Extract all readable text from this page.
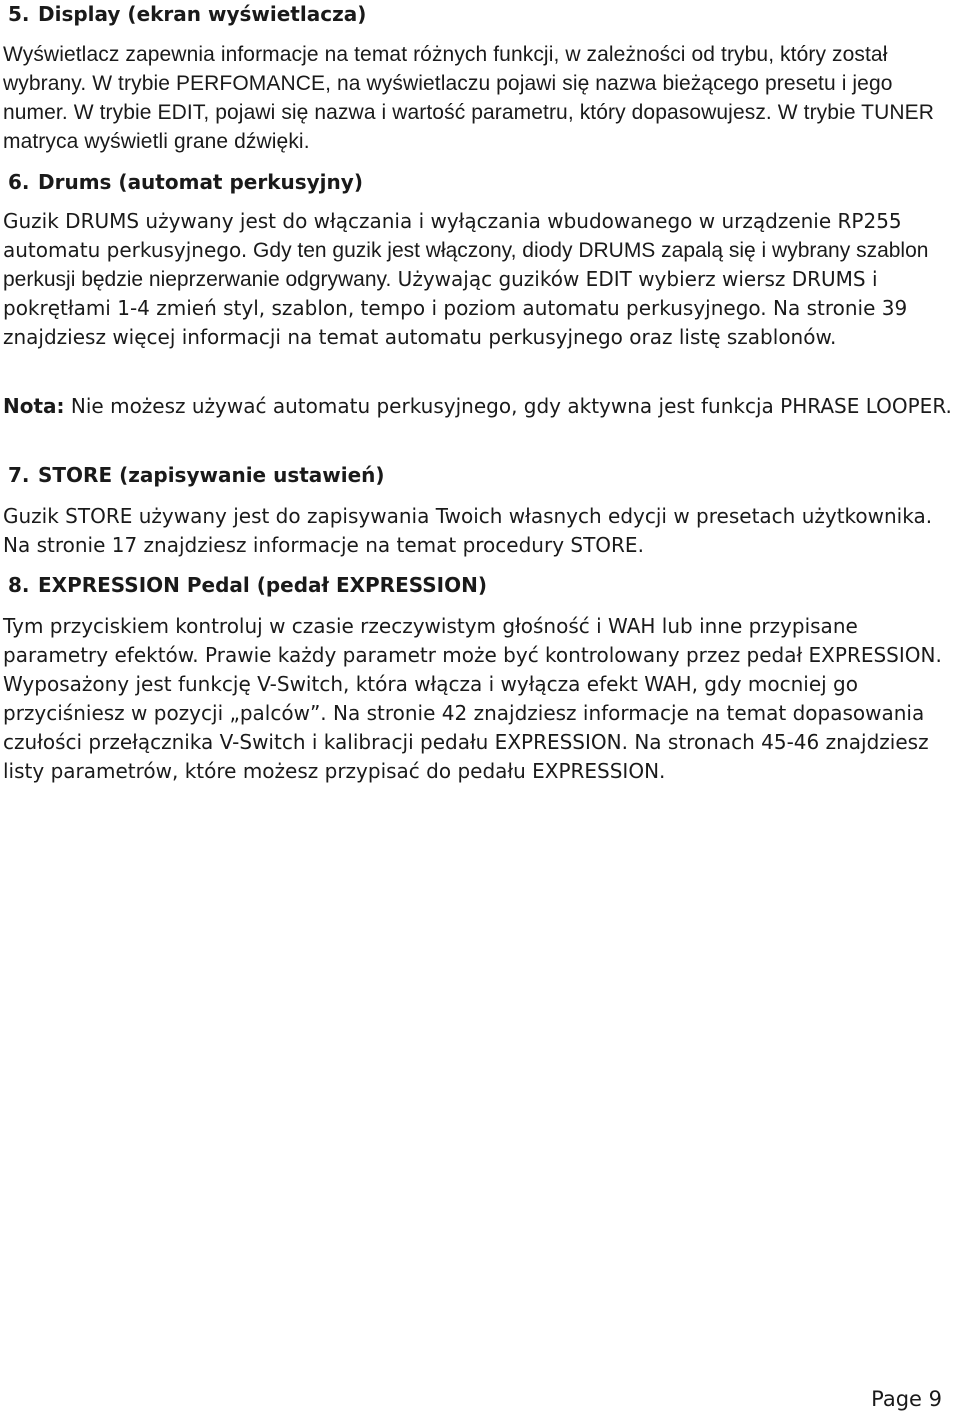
5. Display (ekran wyświetlacza)

Wyświetlacz zapewnia informacje na temat różnych funkcji, w zależności od trybu, który został wybrany. W trybie PERFOMANCE, na wyświetlaczu pojawi się nazwa bieżącego presetu i jego numer. W trybie EDIT, pojawi się nazwa i wartość parametru, który dopasowujesz. W trybie TUNER matryca wyświetli grane dźwięki.

6. Drums (automat perkusyjny)

Guzik DRUMS używany jest do włączania i wyłączania wbudowanego w urządzenie RP255 automatu perkusyjnego. Gdy ten guzik jest włączony, diody DRUMS zapalą się i wybrany szablon perkusji będzie nieprzerwanie odgrywany. Używając guzików EDIT wybierz wiersz DRUMS i pokrętłami 1-4 zmień styl, szablon, tempo i poziom automatu perkusyjnego. Na stronie 39 znajdziesz więcej informacji na temat automatu perkusyjnego oraz listę szablonów.

Nota: Nie możesz używać automatu perkusyjnego, gdy aktywna jest funkcja PHRASE LOOPER.

7. STORE (zapisywanie ustawień)

Guzik STORE używany jest do zapisywania Twoich własnych edycji w presetach użytkownika. Na stronie 17 znajdziesz informacje na temat procedury STORE.

8. EXPRESSION Pedal (pedał EXPRESSION)

Tym przyciskiem kontroluj w czasie rzeczywistym głośność i WAH lub inne przypisane parametry efektów. Prawie każdy parametr może być kontrolowany przez pedał EXPRESSION. Wyposażony jest funkcję V-Switch, która włącza i wyłącza efekt WAH, gdy mocniej go przyciśniesz w pozycji „palców”. Na stronie 42 znajdziesz informacje na temat dopasowania czułości przełącznika V-Switch i kalibracji pedału EXPRESSION. Na stronach 45-46 znajdziesz listy parametrów, które możesz przypisać do pedału EXPRESSION.

Page 9
